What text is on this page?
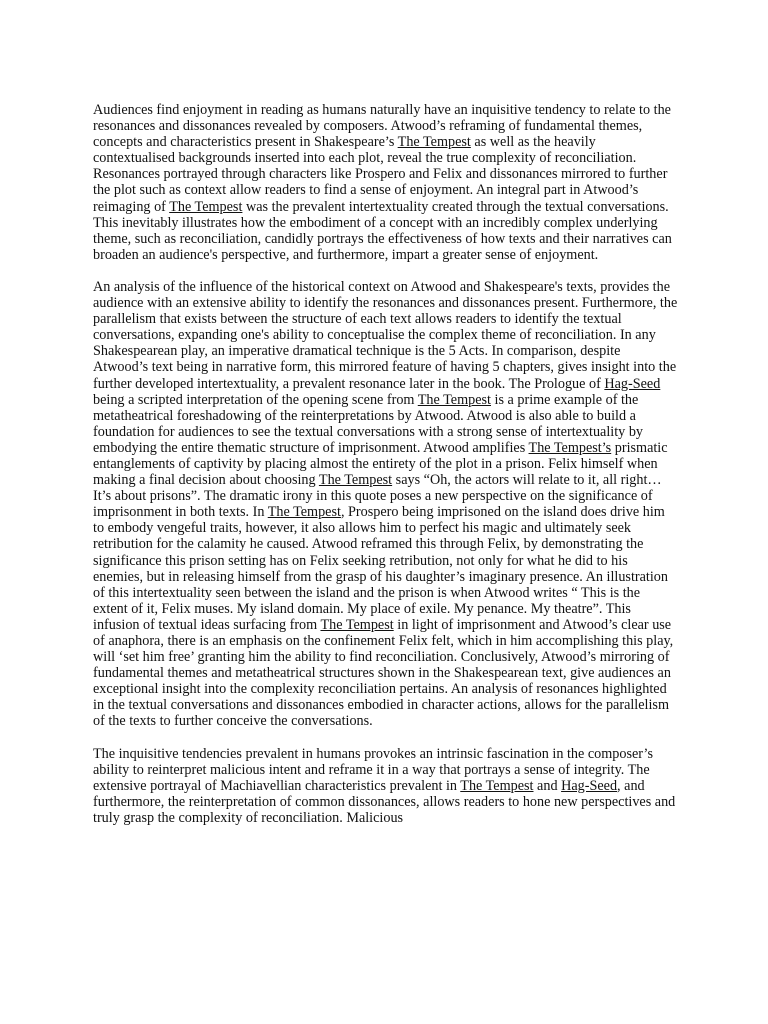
Audiences find enjoyment in reading as humans naturally have an inquisitive tendency to relate to the resonances and dissonances revealed by composers. Atwood’s reframing of fundamental themes, concepts and characteristics present in Shakespeare’s The Tempest as well as the heavily contextualised backgrounds inserted into each plot, reveal the true complexity of reconciliation. Resonances portrayed through characters like Prospero and Felix and dissonances mirrored to further the plot such as context allow readers to find a sense of enjoyment. An integral part in Atwood’s reimaging of The Tempest was the prevalent intertextuality created through the textual conversations. This inevitably illustrates how the embodiment of a concept with an incredibly complex underlying theme, such as reconciliation, candidly portrays the effectiveness of how texts and their narratives can broaden an audience's perspective, and furthermore, impart a greater sense of enjoyment.

An analysis of the influence of the historical context on Atwood and Shakespeare's texts, provides the audience with an extensive ability to identify the resonances and dissonances present. Furthermore, the parallelism that exists between the structure of each text allows readers to identify the textual conversations, expanding one's ability to conceptualise the complex theme of reconciliation. In any Shakespearean play, an imperative dramatical technique is the 5 Acts. In comparison, despite Atwood’s text being in narrative form, this mirrored feature of having 5 chapters, gives insight into the further developed intertextuality, a prevalent resonance later in the book. The Prologue of Hag-Seed being a scripted interpretation of the opening scene from The Tempest is a prime example of the metatheatrical foreshadowing of the reinterpretations by Atwood. Atwood is also able to build a foundation for audiences to see the textual conversations with a strong sense of intertextuality by embodying the entire thematic structure of imprisonment. Atwood amplifies The Tempest’s prismatic entanglements of captivity by placing almost the entirety of the plot in a prison. Felix himself when making a final decision about choosing The Tempest says “Oh, the actors will relate to it, all right… It’s about prisons”. The dramatic irony in this quote poses a new perspective on the significance of imprisonment in both texts. In The Tempest, Prospero being imprisoned on the island does drive him to embody vengeful traits, however, it also allows him to perfect his magic and ultimately seek retribution for the calamity he caused. Atwood reframed this through Felix, by demonstrating the significance this prison setting has on Felix seeking retribution, not only for what he did to his enemies, but in releasing himself from the grasp of his daughter’s imaginary presence. An illustration of this intertextuality seen between the island and the prison is when Atwood writes “ This is the extent of it, Felix muses. My island domain. My place of exile. My penance. My theatre”. This infusion of textual ideas surfacing from The Tempest in light of imprisonment and Atwood’s clear use of anaphora, there is an emphasis on the confinement Felix felt, which in him accomplishing this play, will ‘set him free’ granting him the ability to find reconciliation. Conclusively, Atwood’s mirroring of fundamental themes and metatheatrical structures shown in the Shakespearean text, give audiences an exceptional insight into the complexity reconciliation pertains. An analysis of resonances highlighted in the textual conversations and dissonances embodied in character actions, allows for the parallelism of the texts to further conceive the conversations.

The inquisitive tendencies prevalent in humans provokes an intrinsic fascination in the composer’s ability to reinterpret malicious intent and reframe it in a way that portrays a sense of integrity. The extensive portrayal of Machiavellian characteristics prevalent in The Tempest and Hag-Seed, and furthermore, the reinterpretation of common dissonances, allows readers to hone new perspectives and truly grasp the complexity of reconciliation. Malicious
